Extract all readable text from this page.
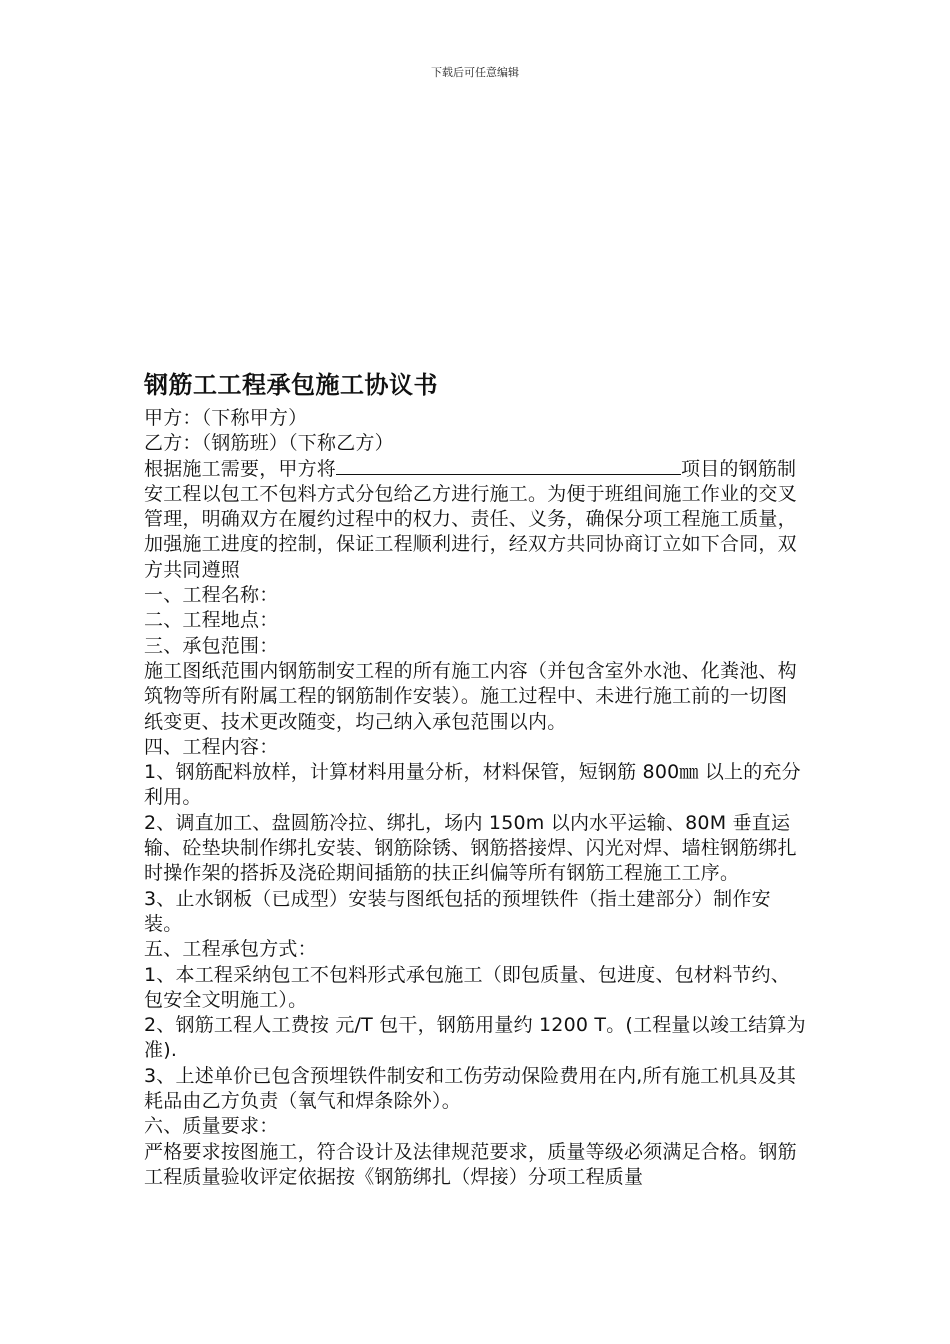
下载后可任意编辑
钢筋工工程承包施工协议书

甲方：（下称甲方）

乙方：（钢筋班）（下称乙方）

根据施工需要，甲方将	项目的钢筋制安工程以包工不包料方式分包给乙方进行施工。为便于班组间施工作业的交叉管理，明确双方在履约过程中的权力、责任、义务，确保分项工程施工质量，加强施工进度的控制，保证工程顺利进行，经双方共同协商订立如下合同，双方共同遵照

一、工程名称：

二、工程地点：

三、承包范围：

施工图纸范围内钢筋制安工程的所有施工内容（并包含室外水池、化粪池、构筑物等所有附属工程的钢筋制作安装）。施工过程中、未进行施工前的一切图纸变更、技术更改随变，均己纳入承包范围以内。

四、工程内容：

1、钢筋配料放样，计算材料用量分析，材料保管，短钢筋 800㎜ 以上的充分利用。

2、调直加工、盘圆筋冷拉、绑扎，场内 150m 以内水平运输、80M 垂直运输、砼垫块制作绑扎安装、钢筋除锈、钢筋搭接焊、闪光对焊、墙柱钢筋绑扎时操作架的搭拆及浇砼期间插筋的扶正纠偏等所有钢筋工程施工工序。

3、止水钢板（已成型）安装与图纸包括的预埋铁件（指土建部分）制作安装。

五、工程承包方式：

1、本工程采纳包工不包料形式承包施工（即包质量、包进度、包材料节约、包安全文明施工）。

2、钢筋工程人工费按 元/T 包干，钢筋用量约 1200 T。(工程量以竣工结算为准).

3、上述单价已包含预埋铁件制安和工伤劳动保险费用在内,所有施工机具及其耗品由乙方负责（氧气和焊条除外）。

六、质量要求：

严格要求按图施工，符合设计及法律规范要求，质量等级必须满足合格。钢筋工程质量验收评定依据按《钢筋绑扎（焊接）分项工程质量
